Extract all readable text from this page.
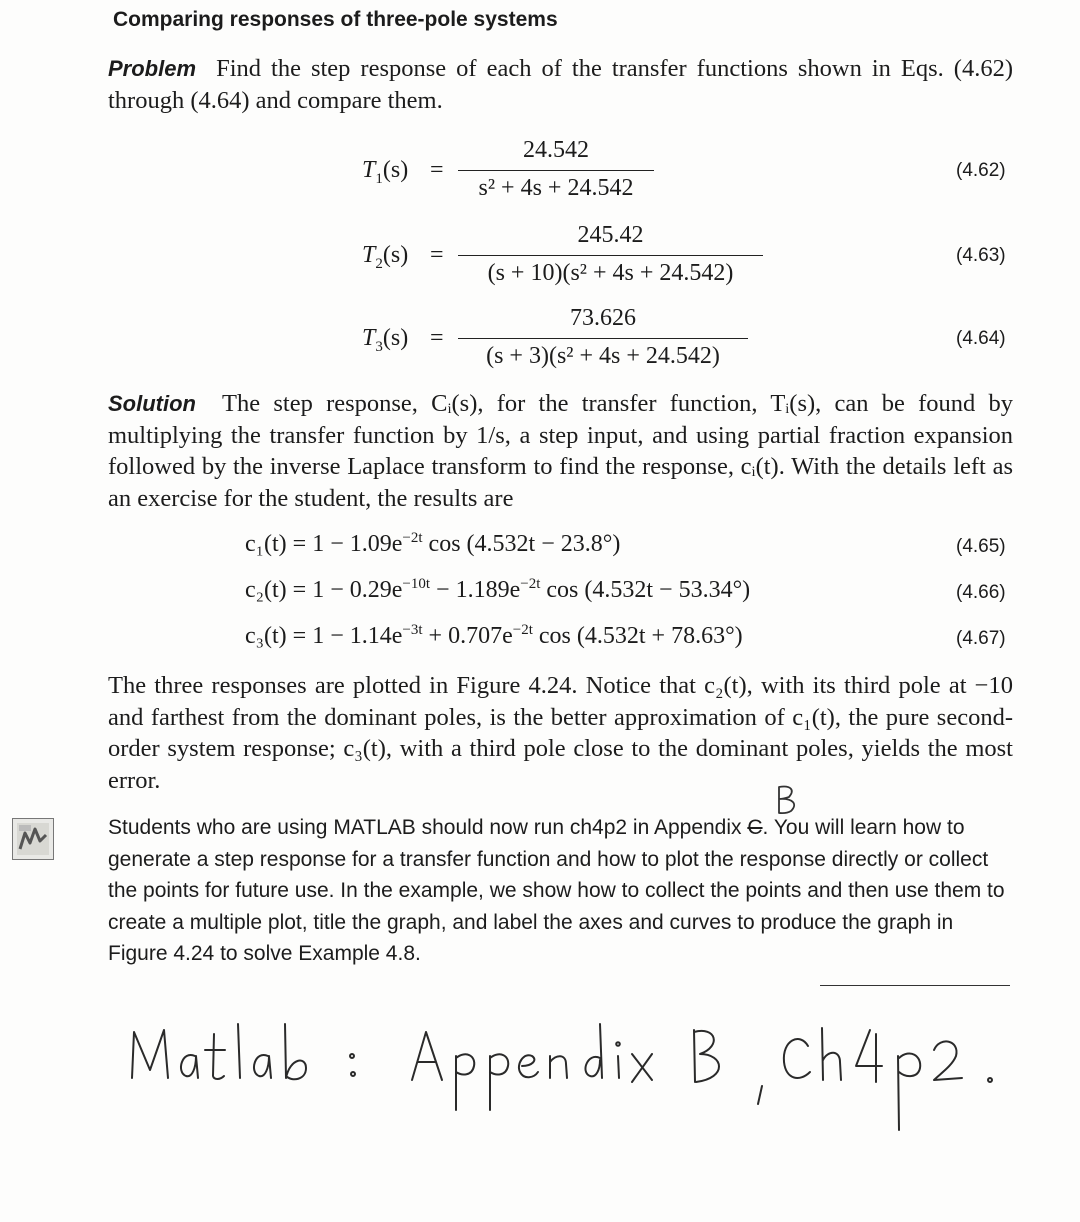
Comparing responses of three-pole systems
Problem Find the step response of each of the transfer functions shown in Eqs. (4.62) through (4.64) and compare them.
$T_1(s) = \frac{24.542}{\text{s² + 4s + 24.542}}$	(4.62)
$T_2(s) = \frac{245.42}{\text{(s + 10)(s² + 4s + 24.542)}}$	(4.63)
$T_3(s) = \frac{73.626}{\text{(s + 3)(s² + 4s + 24.542)}}$	(4.64)
Solution The step response, Cᵢ(s), for the transfer function, Tᵢ(s), can be found by multiplying the transfer function by 1/s, a step input, and using partial fraction expansion followed by the inverse Laplace transform to find the response, cᵢ(t). With the details left as an exercise for the student, the results are
$c_1(t) = 1 - 1.09e^{-2t}$ cos (4.532t − 23.8°)	(4.65)
$c_2(t) = 1 - 0.29e^{-10t} - 1.189e^{-2t}$ cos (4.532t − 53.34°)	(4.66)
$c_3(t) = 1 - 1.14e^{-3t} + 0.707e^{-2t}$ cos (4.532t + 78.63°)	(4.67)
The three responses are plotted in Figure 4.24. Notice that c₂(t), with its third pole at −10 and farthest from the dominant poles, is the better approximation of c₁(t), the pure second-order system response; c₃(t), with a third pole close to the dominant poles, yields the most error.
Students who are using MATLAB should now run ch4p2 in Appendix C. You will learn how to generate a step response for a transfer function and how to plot the response directly or collect the points for future use. In the example, we show how to collect the points and then use them to create a multiple plot, title the graph, and label the axes and curves to produce the graph in Figure 4.24 to solve Example 4.8.
